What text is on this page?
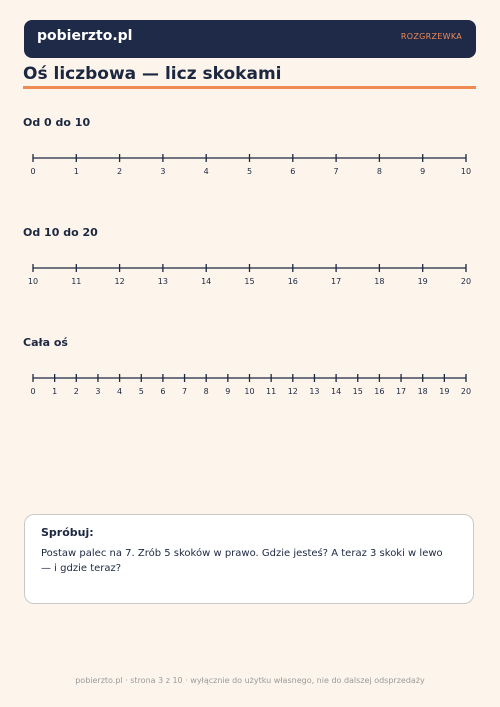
pobierzto.pl	ROZGRZEWKA
Oś liczbowa — licz skokami
Od 0 do 10
0	1	2	3	4	5	6	7	8	9	10
Od 10 do 20
10	11	12	13	14	15	16	17	18	19	20
Cała oś
0 1 2 3 4 5 6 7 8 9 10 11 12 13 14 15 16 17 18 19 20
Spróbuj:
Postaw palec na 7. Zrób 5 skoków w prawo. Gdzie jesteś? A teraz 3 skoki w lewo — i gdzie teraz?
pobierzto.pl · strona 3 z 10 · wyłącznie do użytku własnego, nie do dalszej odsprzedaży
